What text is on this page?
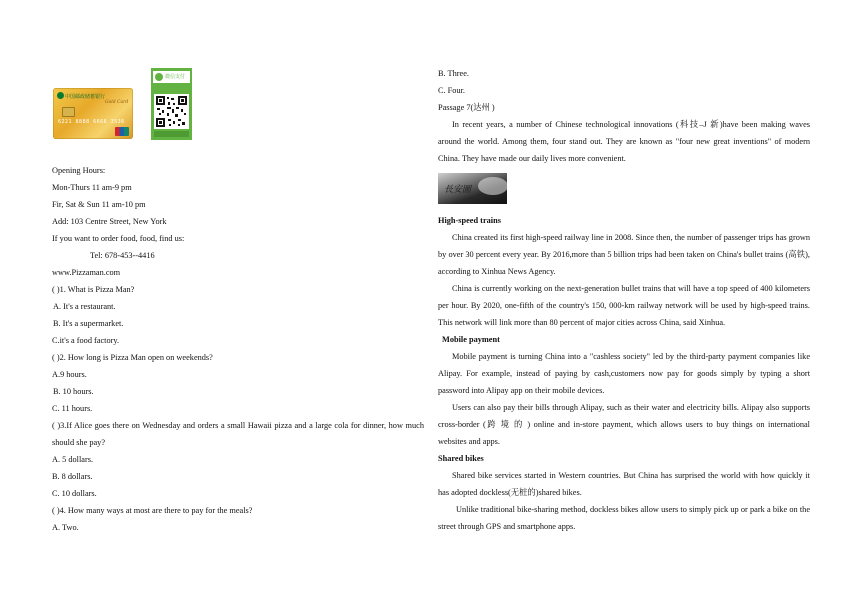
中国邮政储蓄银行
Gold Card
6221 8888 6666 3536
微信支付
Opening Hours:
Mon-Thurs 11 am-9 pm
Fir, Sat & Sun 11 am-10 pm
Add: 103 Centre Street, New York
If you want to order food, food, find us:
Tel: 678-453--4416
www.Pizzaman.com
( )1. What is Pizza Man?
A. It's a restaurant.
B. It's a supermarket.
C.it's a food factory.
( )2. How long is Pizza Man open on weekends?
A.9 hours.
B. 10 hours.
C. 11 hours.
( )3.If Alice goes there on Wednesday and orders a small Hawaii pizza and a large cola for dinner, how much should she pay?
A. 5 dollars.
B. 8 dollars.
C. 10 dollars.
( )4. How many ways at most are there to pay for the meals?
A. Two.
B. Three.
C. Four.
Passage 7(达州 )
In recent years, a number of Chinese technological innovations (科技–J 新)have been making waves around the world. Among them, four stand out. They are known as "four new great inventions" of modern China. They have made our daily lives more convenient.
長安圖
High-speed trains
China created its first high-speed railway line in 2008. Since then, the number of passenger trips has grown by over 30 percent every year. By 2016,more than 5 billion trips had been taken on China's bullet trains (高铁), according to Xinhua News Agency.
China is currently working on the next-generation bullet trains that will have a top speed of 400 kilometers per hour. By 2020, one-fifth of the country's 150, 000-km railway network will be used by high-speed trains. This network will link more than 80 percent of major cities across China, said Xinhua.
Mobile payment
Mobile payment is turning China into a "cashless society" led by the third-party payment companies like Alipay. For example, instead of paying by cash,customers now pay for goods simply by typing a short password into Alipay app on their mobile devices.
Users can also pay their bills through Alipay, such as their water and electricity bills. Alipay also supports cross-border (跨 境 的 ) online and in-store payment, which allows users to buy things on international websites and apps.
Shared bikes
Shared bike services started in Western countries. But China has surprised the world with how quickly it has adopted dockless(无桩的)shared bikes.
Unlike traditional bike-sharing method, dockless bikes allow users to simply pick up or park a bike on the street through GPS and smartphone apps.
